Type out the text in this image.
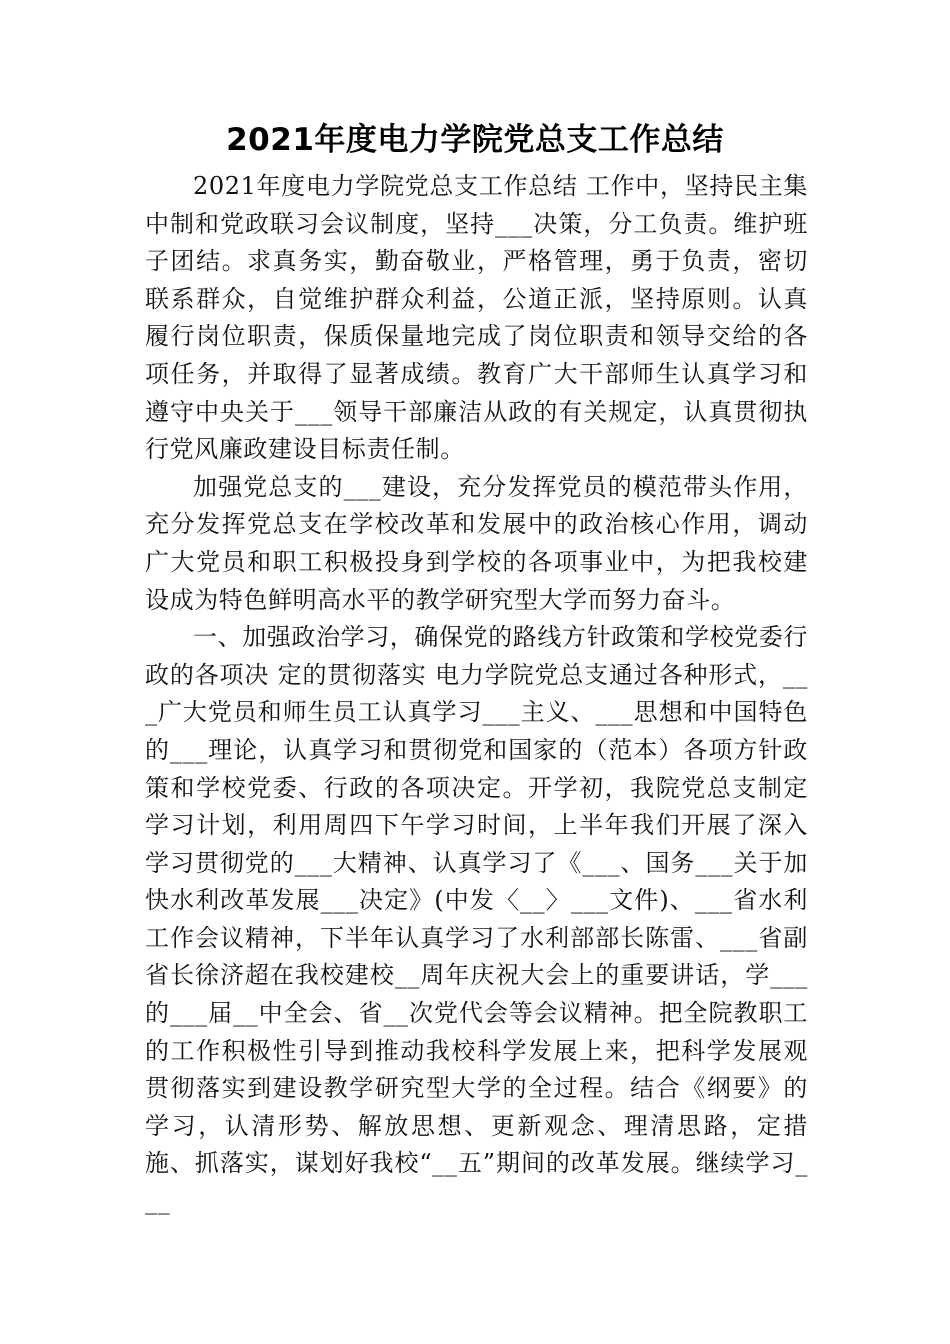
2021年度电力学院党总支工作总结

2021年度电力学院党总支工作总结 工作中，坚持民主集中制和党政联习会议制度，坚持___决策，分工负责。维护班子团结。求真务实，勤奋敬业，严格管理，勇于负责，密切联系群众，自觉维护群众利益，公道正派，坚持原则。认真履行岗位职责，保质保量地完成了岗位职责和领导交给的各项任务，并取得了显著成绩。教育广大干部师生认真学习和遵守中央关于___领导干部廉洁从政的有关规定，认真贯彻执行党风廉政建设目标责任制。

加强党总支的___建设，充分发挥党员的模范带头作用，充分发挥党总支在学校改革和发展中的政治核心作用，调动广大党员和职工积极投身到学校的各项事业中，为把我校建设成为特色鲜明高水平的教学研究型大学而努力奋斗。

一、加强政治学习，确保党的路线方针政策和学校党委行政的各项决 定的贯彻落实 电力学院党总支通过各种形式，___广大党员和师生员工认真学习___主义、___思想和中国特色的___理论，认真学习和贯彻党和国家的（范本）各项方针政策和学校党委、行政的各项决定。开学初，我院党总支制定学习计划，利用周四下午学习时间，上半年我们开展了深入学习贯彻党的___大精神、认真学习了《___、国务___关于加快水利改革发展___决定》(中发〈__〉___文件)、___省水利工作会议精神，下半年认真学习了水利部部长陈雷、___省副省长徐济超在我校建校__周年庆祝大会上的重要讲话，学___的___届__中全会、省__次党代会等会议精神。把全院教职工的工作积极性引导到推动我校科学发展上来，把科学发展观贯彻落实到建设教学研究型大学的全过程。结合《纲要》的学习，认清形势、解放思想、更新观念、理清思路，定措施、抓落实，谋划好我校“__五”期间的改革发展。继续学习___
